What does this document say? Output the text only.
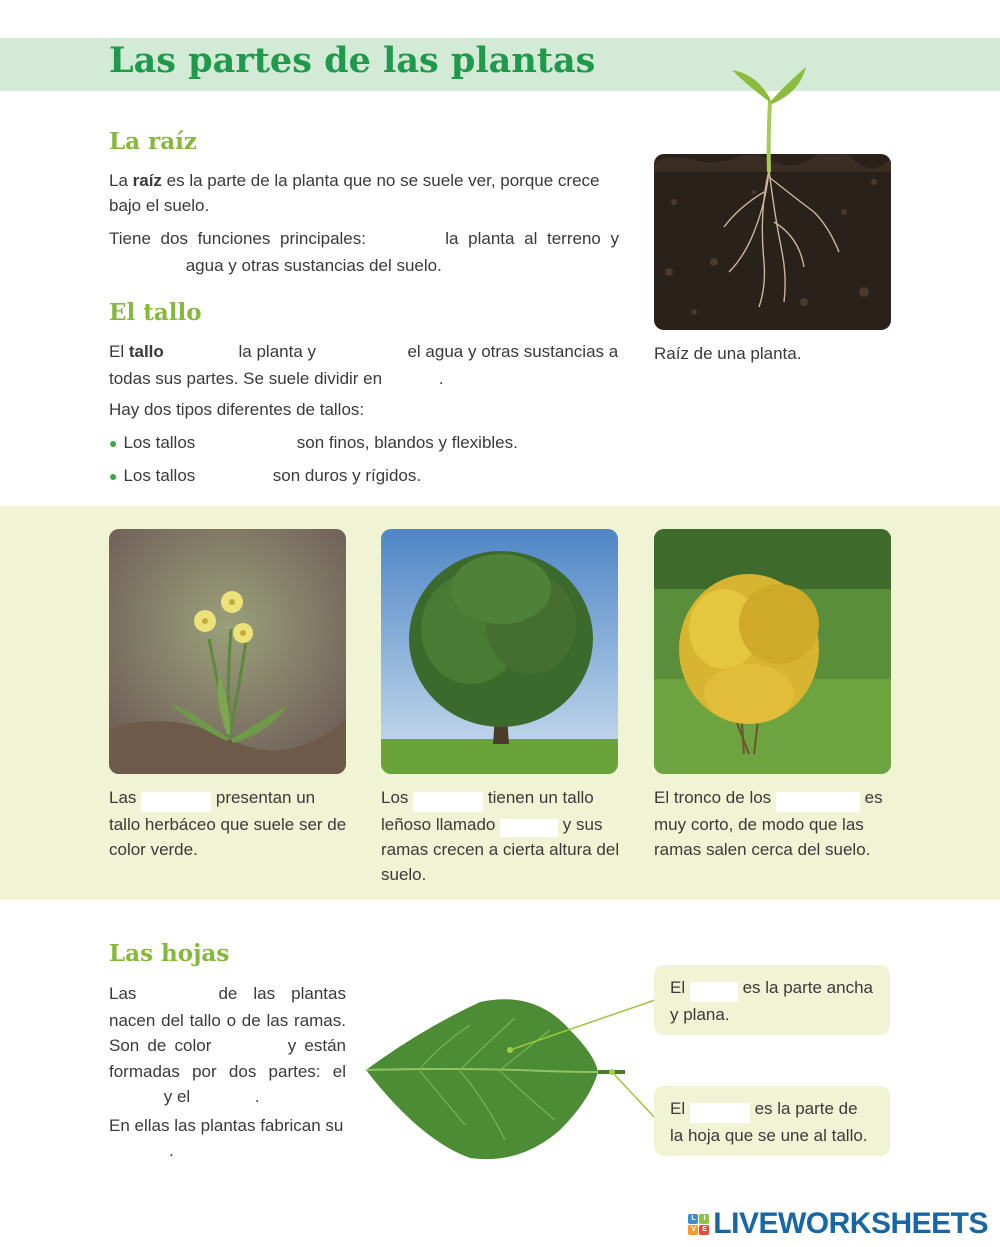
Las partes de las plantas
Raíz de una planta.
La raíz
La raíz es la parte de la planta que no se suele ver, porque crece bajo el suelo.
Tiene dos funciones principales:	la planta al terreno y  agua y otras sustancias del suelo.
El tallo
El tallo	la planta y	el agua y otras sustancias a todas sus partes. Se suele dividir en	.
Hay dos tipos diferentes de tallos:
● Los tallos	son finos, blandos y flexibles.
● Los tallos	son duros y rígidos.
Las	presentan un tallo herbáceo que suele ser de color verde.
Los	tienen un tallo leñoso llamado	y sus ramas crecen a cierta altura del suelo.
El tronco de los	es muy corto, de modo que las ramas salen cerca del suelo.
Las hojas
Las	de las plantas nacen del tallo o de las ramas. Son de color	y están formadas por dos partes: el  y el	.
En ellas las plantas fabrican su .
El	es la parte ancha y plana.
El	es la parte de la hoja que se une al tallo.
L	I
V E LIVEWORKSHEETS
